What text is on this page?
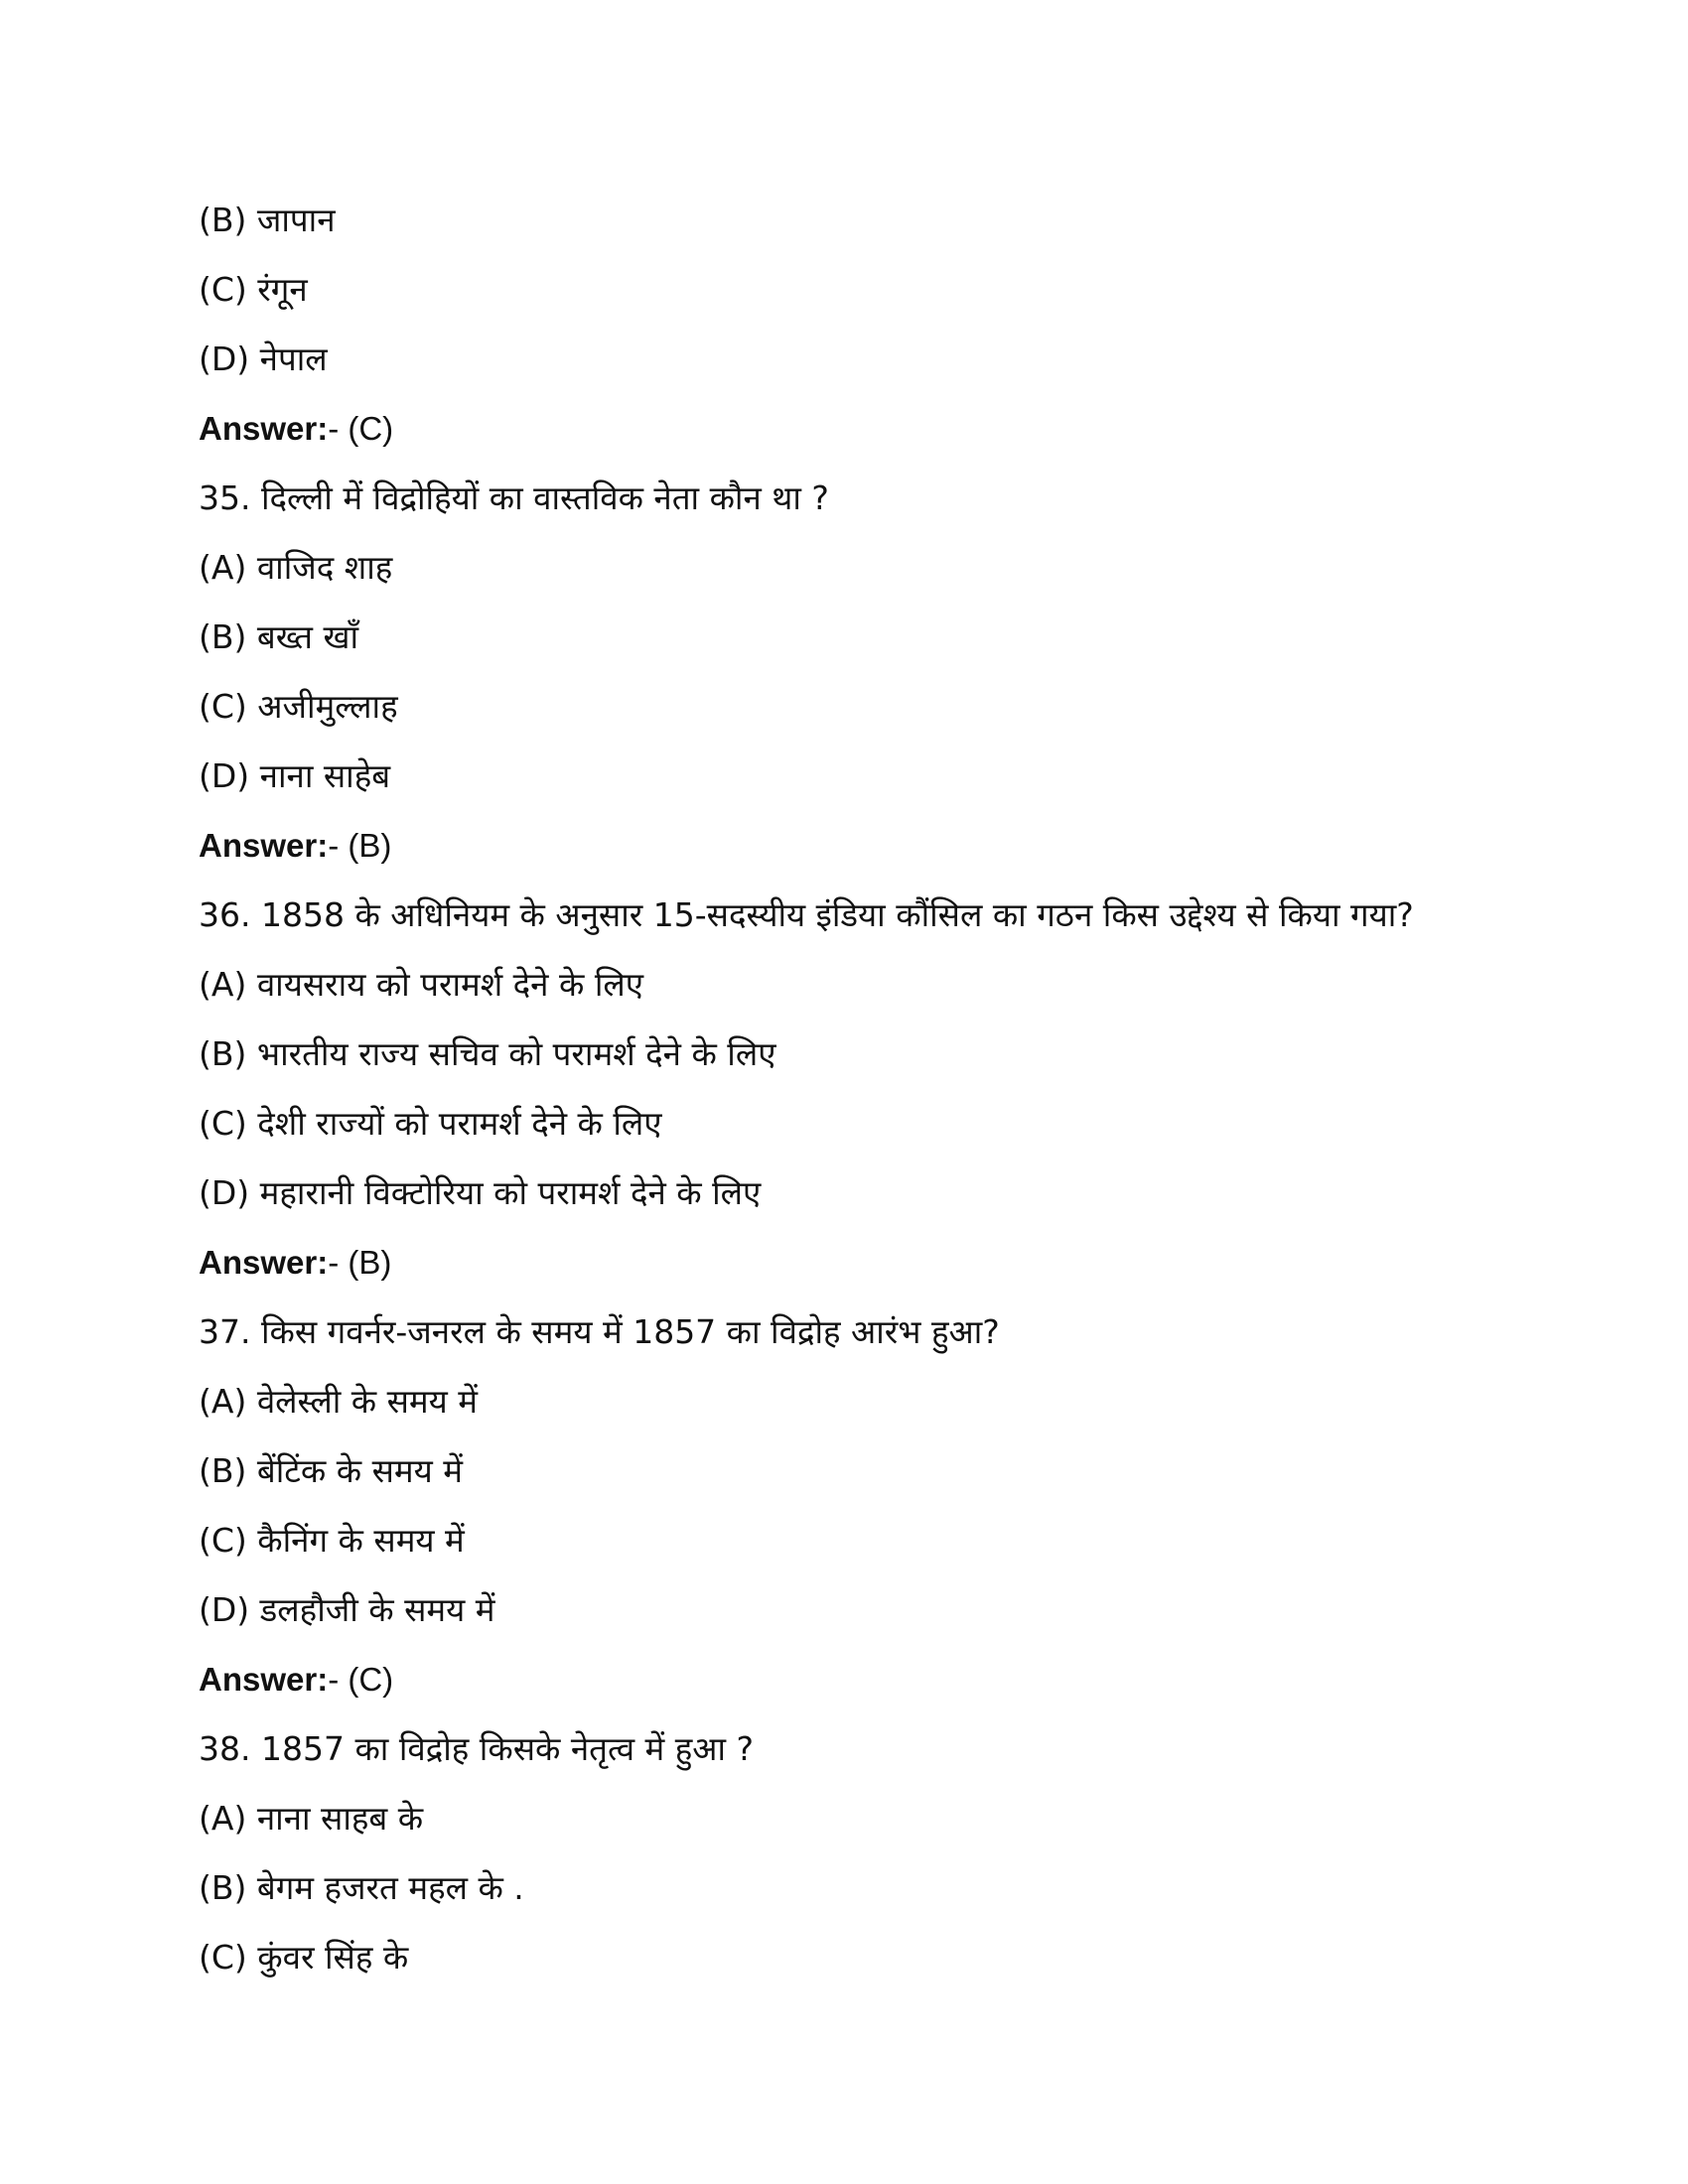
(B) जापान
(C) रंगून
(D) नेपाल
Answer:- (C)
35. दिल्ली में विद्रोहियों का वास्तविक नेता कौन था ?
(A) वाजिद शाह
(B) बख्त खाँ
(C) अजीमुल्लाह
(D) नाना साहेब
Answer:- (B)
36. 1858 के अधिनियम के अनुसार 15-सदस्यीय इंडिया कौंसिल का गठन किस उद्देश्य से किया गया?
(A) वायसराय को परामर्श देने के लिए
(B) भारतीय राज्य सचिव को परामर्श देने के लिए
(C) देशी राज्यों को परामर्श देने के लिए
(D) महारानी विक्टोरिया को परामर्श देने के लिए
Answer:- (B)
37. किस गवर्नर-जनरल के समय में 1857 का विद्रोह आरंभ हुआ?
(A) वेलेस्ली के समय में
(B) बेंटिंक के समय में
(C) कैनिंग के समय में
(D) डलहौजी के समय में
Answer:- (C)
38. 1857 का विद्रोह किसके नेतृत्व में हुआ ?
(A) नाना साहब के
(B) बेगम हजरत महल के .
(C) कुंवर सिंह के
